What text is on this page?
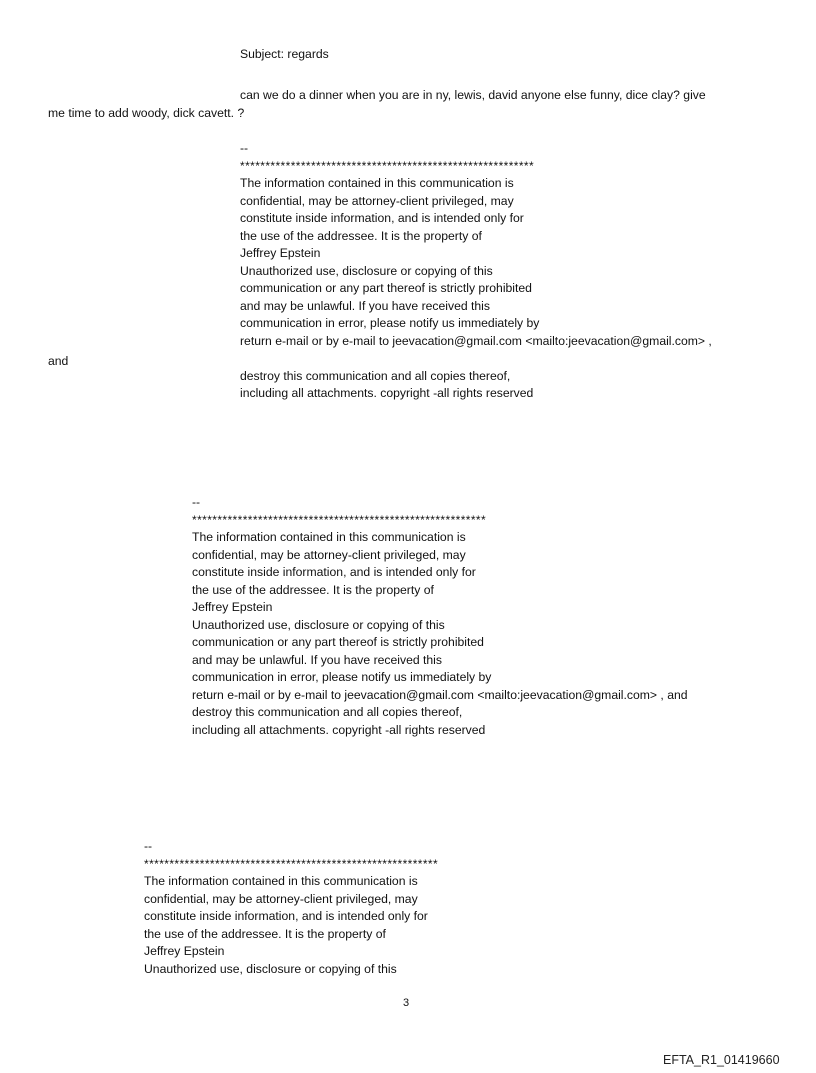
Subject: regards
can we do a dinner when you are in ny, lewis, david anyone else funny, dice clay? give
me time to add woody, dick cavett. ?
--
**********************************************************
The information contained in this communication is
confidential, may be attorney-client privileged, may
constitute inside information, and is intended only for
the use of the addressee. It is the property of
Jeffrey Epstein
Unauthorized use, disclosure or copying of this
communication or any part thereof is strictly prohibited
and may be unlawful. If you have received this
communication in error, please notify us immediately by
return e-mail or by e-mail to jeevacation@gmail.com <mailto:jeevacation@gmail.com> ,
destroy this communication and all copies thereof,
including all attachments. copyright -all rights reserved
and
--
**********************************************************
The information contained in this communication is
confidential, may be attorney-client privileged, may
constitute inside information, and is intended only for
the use of the addressee. It is the property of
Jeffrey Epstein
Unauthorized use, disclosure or copying of this
communication or any part thereof is strictly prohibited
and may be unlawful. If you have received this
communication in error, please notify us immediately by
return e-mail or by e-mail to jeevacation@gmail.com <mailto:jeevacation@gmail.com> , and
destroy this communication and all copies thereof,
including all attachments. copyright -all rights reserved
--
**********************************************************
The information contained in this communication is
confidential, may be attorney-client privileged, may
constitute inside information, and is intended only for
the use of the addressee. It is the property of
Jeffrey Epstein
Unauthorized use, disclosure or copying of this
3
EFTA_R1_01419660
